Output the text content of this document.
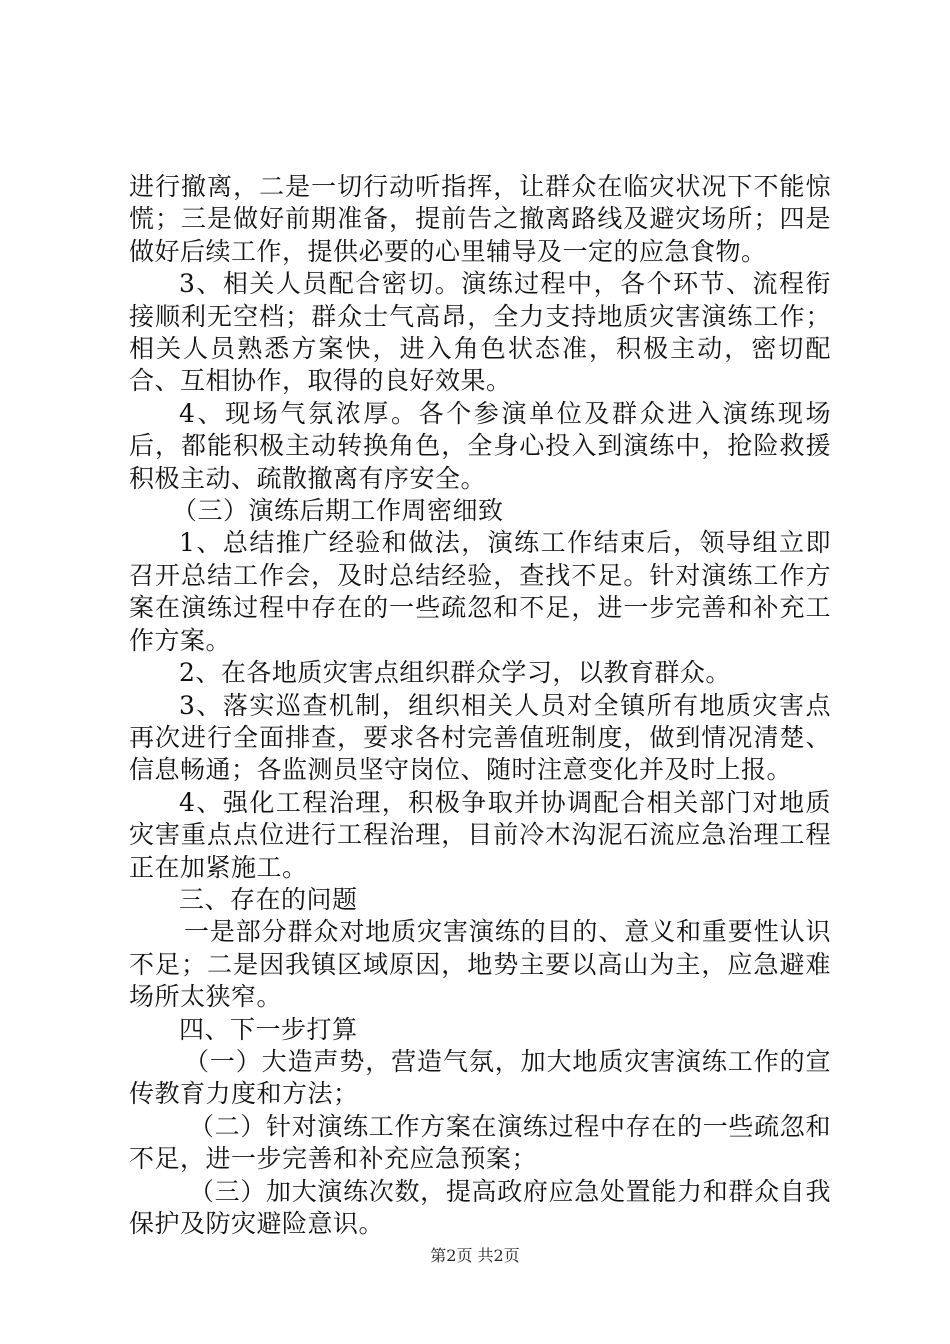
进行撤离，二是一切行动听指挥，让群众在临灾状况下不能惊慌；三是做好前期准备，提前告之撤离路线及避灾场所；四是做好后续工作，提供必要的心里辅导及一定的应急食物。

3、相关人员配合密切。演练过程中，各个环节、流程衔接顺利无空档；群众士气高昂，全力支持地质灾害演练工作；相关人员熟悉方案快，进入角色状态准，积极主动，密切配合、互相协作，取得的良好效果。

4、现场气氛浓厚。各个参演单位及群众进入演练现场后，都能积极主动转换角色，全身心投入到演练中，抢险救援积极主动、疏散撤离有序安全。

（三）演练后期工作周密细致

1、总结推广经验和做法，演练工作结束后，领导组立即召开总结工作会，及时总结经验，查找不足。针对演练工作方案在演练过程中存在的一些疏忽和不足，进一步完善和补充工作方案。

2、在各地质灾害点组织群众学习，以教育群众。

3、落实巡查机制，组织相关人员对全镇所有地质灾害点再次进行全面排查，要求各村完善值班制度，做到情况清楚、信息畅通；各监测员坚守岗位、随时注意变化并及时上报。

4、强化工程治理，积极争取并协调配合相关部门对地质灾害重点点位进行工程治理，目前冷木沟泥石流应急治理工程正在加紧施工。

三、存在的问题

一是部分群众对地质灾害演练的目的、意义和重要性认识不足；二是因我镇区域原因，地势主要以高山为主，应急避难场所太狭窄。

四、下一步打算

（一）大造声势，营造气氛，加大地质灾害演练工作的宣传教育力度和方法；

（二）针对演练工作方案在演练过程中存在的一些疏忽和不足，进一步完善和补充应急预案；

（三）加大演练次数，提高政府应急处置能力和群众自我保护及防灾避险意识。

第2页 共2页
